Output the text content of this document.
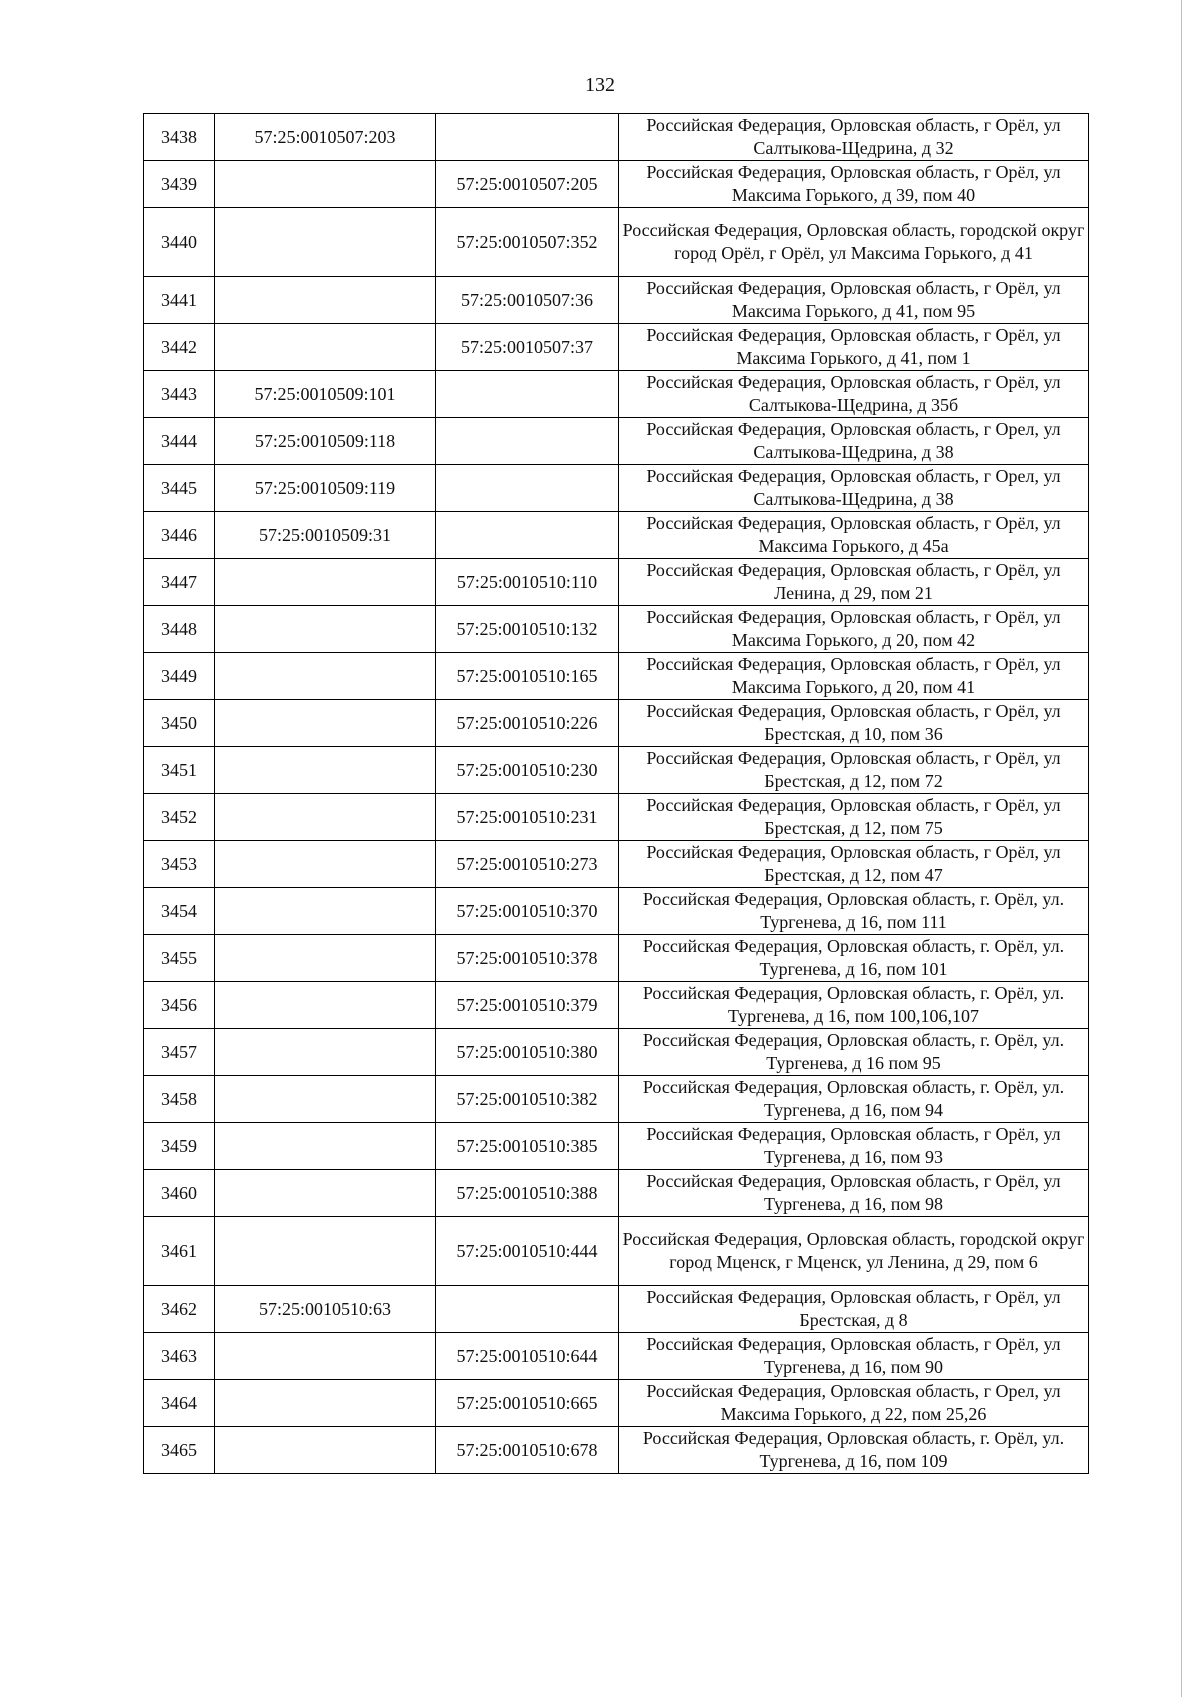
132
3438	57:25:0010507:203		Российская Федерация, Орловская область, г Орёл, ул Салтыкова-Щедрина, д 32
3439		57:25:0010507:205	Российская Федерация, Орловская область, г Орёл, ул Максима Горького, д 39, пом 40
3440		57:25:0010507:352	Российская Федерация, Орловская область, городской округ город Орёл, г Орёл, ул Максима Горького, д 41
3441		57:25:0010507:36	Российская Федерация, Орловская область, г Орёл, ул Максима Горького, д 41, пом 95
3442		57:25:0010507:37	Российская Федерация, Орловская область, г Орёл, ул Максима Горького, д 41, пом 1
3443	57:25:0010509:101		Российская Федерация, Орловская область, г Орёл, ул Салтыкова-Щедрина, д 35б
3444	57:25:0010509:118		Российская Федерация, Орловская область, г Орел, ул Салтыкова-Щедрина, д 38
3445	57:25:0010509:119		Российская Федерация, Орловская область, г Орел, ул Салтыкова-Щедрина, д 38
3446	57:25:0010509:31		Российская Федерация, Орловская область, г Орёл, ул Максима Горького, д 45а
3447		57:25:0010510:110	Российская Федерация, Орловская область, г Орёл, ул Ленина, д 29, пом 21
3448		57:25:0010510:132	Российская Федерация, Орловская область, г Орёл, ул Максима Горького, д 20, пом 42
3449		57:25:0010510:165	Российская Федерация, Орловская область, г Орёл, ул Максима Горького, д 20, пом 41
3450		57:25:0010510:226	Российская Федерация, Орловская область, г Орёл, ул Брестская, д 10, пом 36
3451		57:25:0010510:230	Российская Федерация, Орловская область, г Орёл, ул Брестская, д 12, пом 72
3452		57:25:0010510:231	Российская Федерация, Орловская область, г Орёл, ул Брестская, д 12, пом 75
3453		57:25:0010510:273	Российская Федерация, Орловская область, г Орёл, ул Брестская, д 12, пом 47
3454		57:25:0010510:370	Российская Федерация, Орловская область, г. Орёл, ул. Тургенева, д 16, пом 111
3455		57:25:0010510:378	Российская Федерация, Орловская область, г. Орёл, ул. Тургенева, д 16, пом 101
3456		57:25:0010510:379	Российская Федерация, Орловская область, г. Орёл, ул. Тургенева, д 16, пом 100,106,107
3457		57:25:0010510:380	Российская Федерация, Орловская область, г. Орёл, ул. Тургенева, д 16 пом 95
3458		57:25:0010510:382	Российская Федерация, Орловская область, г. Орёл, ул. Тургенева, д 16, пом 94
3459		57:25:0010510:385	Российская Федерация, Орловская область, г Орёл, ул Тургенева, д 16, пом 93
3460		57:25:0010510:388	Российская Федерация, Орловская область, г Орёл, ул Тургенева, д 16, пом 98
3461		57:25:0010510:444	Российская Федерация, Орловская область, городской округ город Мценск, г Мценск, ул Ленина, д 29, пом 6
3462	57:25:0010510:63		Российская Федерация, Орловская область, г Орёл, ул Брестская, д 8
3463		57:25:0010510:644	Российская Федерация, Орловская область, г Орёл, ул Тургенева, д 16, пом 90
3464		57:25:0010510:665	Российская Федерация, Орловская область, г Орел, ул Максима Горького, д 22, пом 25,26
3465		57:25:0010510:678	Российская Федерация, Орловская область, г. Орёл, ул. Тургенева, д 16, пом 109
